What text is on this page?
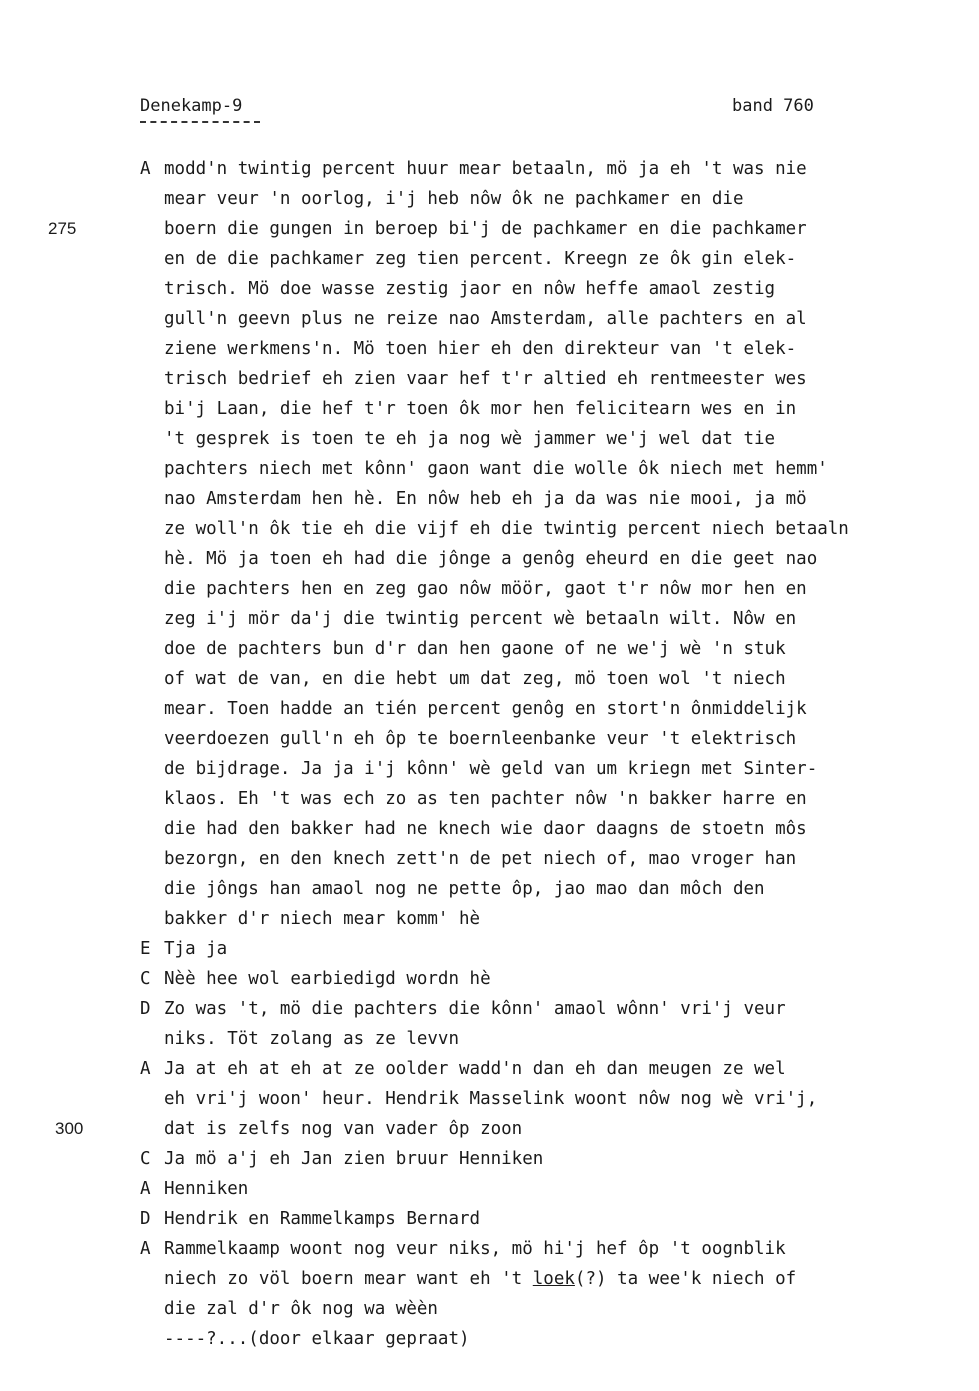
Denekamp-9	band 760
A modd'n twintig percent huur mear betaaln, mö ja eh 't was nie
mear veur 'n oorlog, i'j heb nôw ôk ne pachkamer en die
boern die gungen in beroep bi'j de pachkamer en die pachkamer
275
en de die pachkamer zeg tien percent. Kreegn ze ôk gin elek-
trisch. Mö doe wasse zestig jaor en nôw heffe amaol zestig
gull'n geevn plus ne reize nao Amsterdam, alle pachters en al
ziene werkmens'n. Mö toen hier eh den direkteur van 't elek-
trisch bedrief eh zien vaar hef t'r altied eh rentmeester wes
bi'j Laan, die hef t'r toen ôk mor hen felicitearn wes en in
't gesprek is toen te eh ja nog wè jammer we'j wel dat tie
pachters niech met kônn' gaon want die wolle ôk niech met hemm'
nao Amsterdam hen hè. En nôw heb eh ja da was nie mooi, ja mö
ze woll'n ôk tie eh die vijf eh die twintig percent niech betaaln
hè. Mö ja toen eh had die jônge a genôg eheurd en die geet nao
die pachters hen en zeg gao nôw möör, gaot t'r nôw mor hen en
zeg i'j mör da'j die twintig percent wè betaaln wilt. Nôw en
doe de pachters bun d'r dan hen gaone of ne we'j wè 'n stuk
of wat de van, en die hebt um dat zeg, mö toen wol 't niech
mear. Toen hadde an tién percent genôg en stort'n ônmiddelijk
veerdoezen gull'n eh ôp te boernleenbanke veur 't elektrisch
de bijdrage. Ja ja i'j kônn' wè geld van um kriegn met Sinter-
klaos. Eh 't was ech zo as ten pachter nôw 'n bakker harre en
die had den bakker had ne knech wie daor daagns de stoetn môs
bezorgn, en den knech zett'n de pet niech of, mao vroger han
die jôngs han amaol nog ne pette ôp, jao mao dan môch den
bakker d'r niech mear komm' hè
E Tja ja
C Nèè hee wol earbiedigd wordn hè
D Zo was 't, mö die pachters die kônn' amaol wônn' vri'j veur
niks. Töt zolang as ze levvn
A Ja at eh at eh at ze oolder wadd'n dan eh dan meugen ze wel
eh vri'j woon' heur. Hendrik Masselink woont nôw nog wè vri'j,
dat is zelfs nog van vader ôp zoon
300
C Ja mö a'j eh Jan zien bruur Henniken
A Henniken
D Hendrik en Rammelkamps Bernard
A Rammelkaamp woont nog veur niks, mö hi'j hef ôp 't oognblik
niech zo völ boern mear want eh 't loek(?) ta wee'k niech of
die zal d'r ôk nog wa wèèn
----?...(door elkaar gepraat)
